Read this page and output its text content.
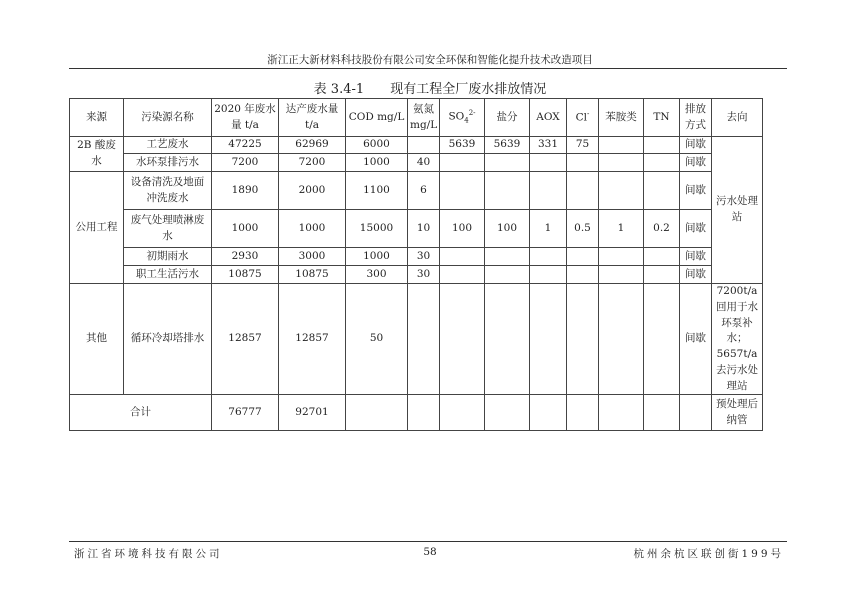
浙江正大新材料科技股份有限公司安全环保和智能化提升技术改造项目
表 3.4-1 现有工程全厂废水排放情况
来源	污染源名称	2020 年废水量 t/a	达产废水量 t/a	COD mg/L	氨氮 mg/L	$SO_4^{2-}$	盐分	AOX	Cl-	苯胺类	TN	排放方式	去向
2B 酸废水	工艺废水	47225	62969	6000		5639	5639	331	75			间歇	污水处理站
	水环泵排污水	7200	7200	1000	40							间歇	
公用工程	设备清洗及地面冲洗废水	1890	2000	1100	6							间歇	
	废气处理喷淋废水	1000	1000	15000	10	100	100	1	0.5	1	0.2	间歇	
	初期雨水	2930	3000	1000	30							间歇	
	职工生活污水	10875	10875	300	30							间歇	
其他	循环冷却塔排水	12857	12857	50								间歇	7200t/a 回用于水环泵补水；5657t/a 去污水处理站
合计		76777	92701										预处理后纳管
浙江省环境科技有限公司	58	杭州余杭区联创街199号
